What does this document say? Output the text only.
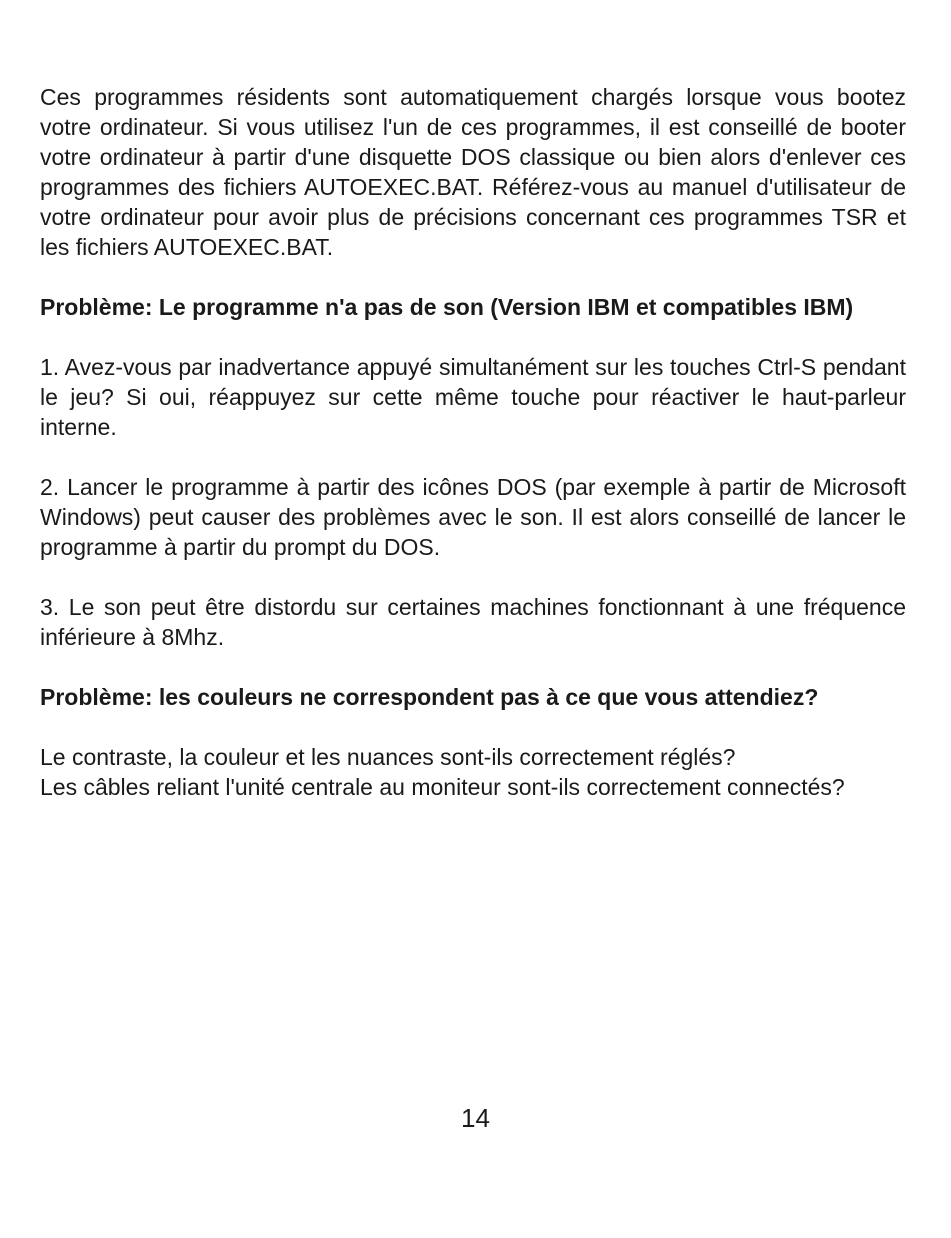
Ces programmes résidents sont automatiquement chargés lorsque vous bootez votre ordinateur. Si vous utilisez l'un de ces programmes, il est conseillé de booter votre ordinateur à partir d'une disquette DOS classique ou bien alors d'enlever ces programmes des fichiers AUTOEXEC.BAT. Référez-vous au manuel d'utilisateur de votre ordinateur pour avoir plus de précisions concernant ces programmes TSR et les fichiers AUTOEXEC.BAT.

Problème: Le programme n'a pas de son (Version IBM et compatibles IBM)

1. Avez-vous par inadvertance appuyé simultanément sur les touches Ctrl-S pendant le jeu? Si oui, réappuyez sur cette même touche pour réactiver le haut-parleur interne.

2. Lancer le programme à partir des icônes DOS (par exemple à partir de Microsoft Windows) peut causer des problèmes avec le son. Il est alors conseillé de lancer le programme à partir du prompt du DOS.

3. Le son peut être distordu sur certaines machines fonctionnant à une fréquence inférieure à 8Mhz.

Problème: les couleurs ne correspondent pas à ce que vous attendiez?

Le contraste, la couleur et les nuances sont-ils correctement réglés?
Les câbles reliant l'unité centrale au moniteur sont-ils correctement connectés?

14
